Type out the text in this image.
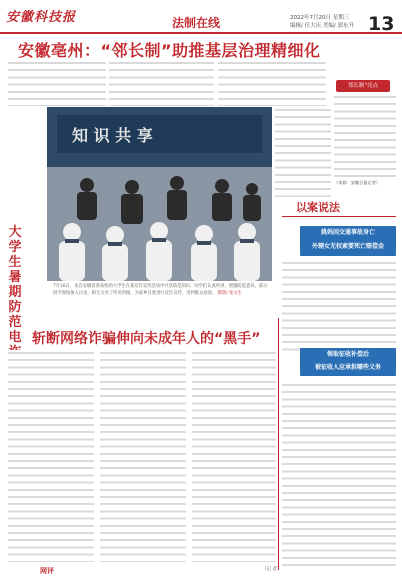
安徽科技报	法制在线	2022年7月20日 星期三
编辑/ 任大庆 美编/ 郭东升 13
安徽亳州：“邻长制”助推基层治理精细化
邻长制”亮点
（来源：安徽日报记者）
大学生暑期防范电
知 识 共 享
7月16日，来自安徽省各高校的大学生在某反诈宣传活动中共享防范知识，同学们认真听讲，增强防范意识。部分同学现场加入讨论，相互分享了所见所闻，为家乡百姓进行反诈宣传，受到群众欢迎。 摄影/ 张文生
以案说法
姚妈因交通事故身亡
外甥女无权索要死亡赔偿金
领取征收补偿后
被征收人应承担哪些义务
斩断网络诈骗伸向未成年人的“黑手”
网评	（记 者）
